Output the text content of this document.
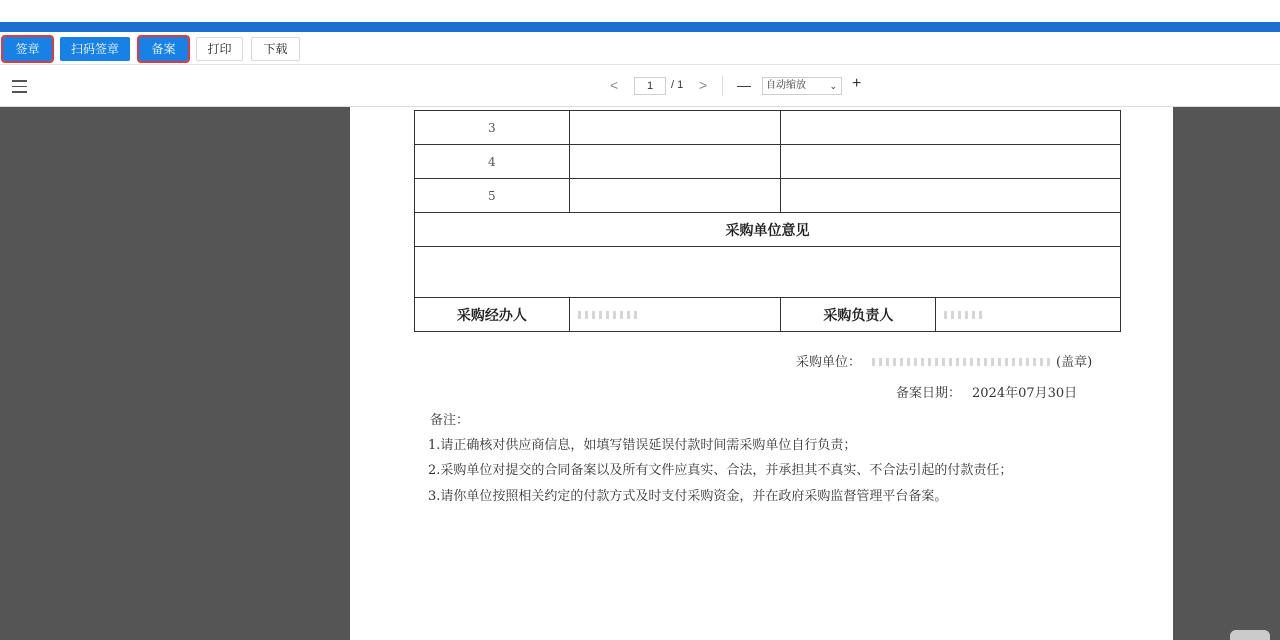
签章	扫码签章	备案	打印	下载
<	1	/ 1 > —	自动缩放	⌄ +
3			
4			
5			
采购单位意见			

采购经办人		采购负责人	
采购单位：	(盖章)
备案日期： 2024年07月30日
备注：
1.请正确核对供应商信息，如填写错误延误付款时间需采购单位自行负责；
2.采购单位对提交的合同备案以及所有文件应真实、合法，并承担其不真实、不合法引起的付款责任；
3.请你单位按照相关约定的付款方式及时支付采购资金，并在政府采购监督管理平台备案。
